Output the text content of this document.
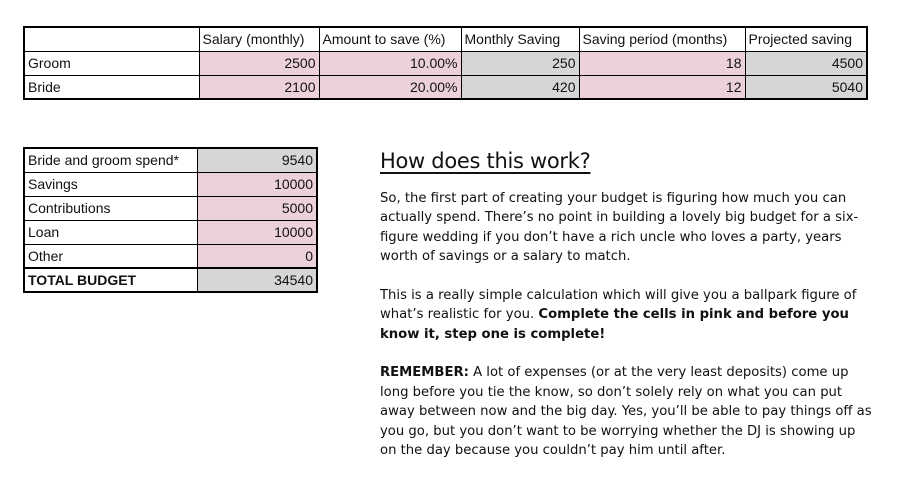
	Salary (monthly)	Amount to save (%)	Monthly Saving	Saving period (months)	Projected saving
Groom	2500	10.00%	250	18	4500
Bride	2100	20.00%	420	12	5040
Bride and groom spend*	9540
Savings	10000
Contributions	5000
Loan	10000
Other	0
TOTAL BUDGET	34540
How does this work?

So, the first part of creating your budget is figuring how much you can actually spend. There’s no point in building a lovely big budget for a six-figure wedding if you don’t have a rich uncle who loves a party, years worth of savings or a salary to match.

This is a really simple calculation which will give you a ballpark figure of what’s realistic for you. Complete the cells in pink and before you know it, step one is complete!

REMEMBER: A lot of expenses (or at the very least deposits) come up long before you tie the know, so don’t solely rely on what you can put away between now and the big day. Yes, you’ll be able to pay things off as you go, but you don’t want to be worrying whether the DJ is showing up on the day because you couldn’t pay him until after.
